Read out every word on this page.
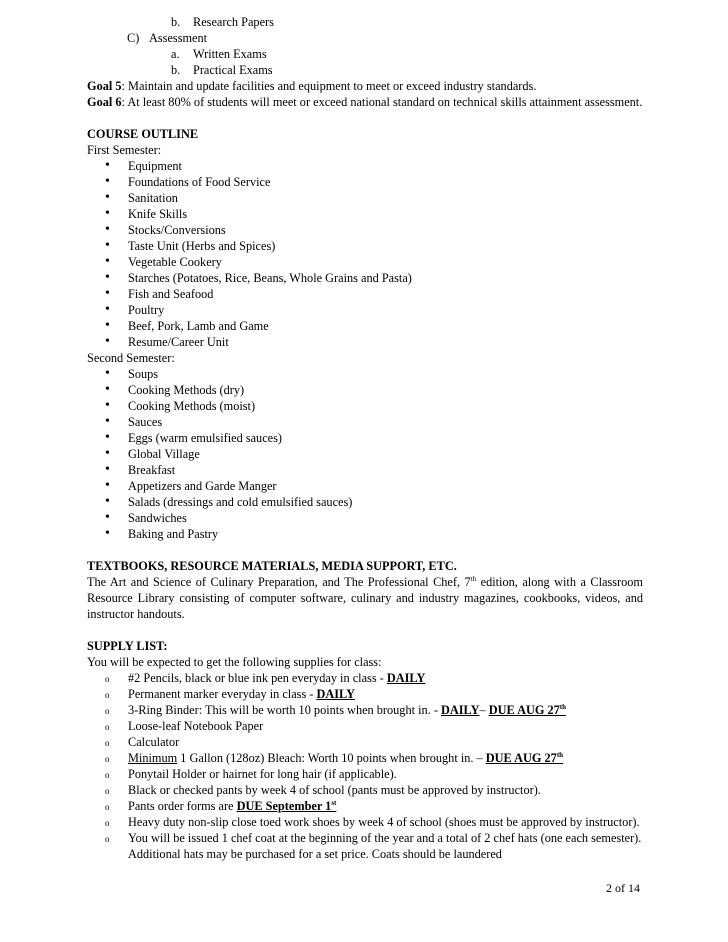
b. Research Papers
C) Assessment
a. Written Exams
b. Practical Exams
Goal 5: Maintain and update facilities and equipment to meet or exceed industry standards.
Goal 6: At least 80% of students will meet or exceed national standard on technical skills attainment assessment.
COURSE OUTLINE
First Semester:
• Equipment
• Foundations of Food Service
• Sanitation
• Knife Skills
• Stocks/Conversions
• Taste Unit (Herbs and Spices)
• Vegetable Cookery
• Starches (Potatoes, Rice, Beans, Whole Grains and Pasta)
• Fish and Seafood
• Poultry
• Beef, Pork, Lamb and Game
• Resume/Career Unit
Second Semester:
• Soups
• Cooking Methods (dry)
• Cooking Methods (moist)
• Sauces
• Eggs (warm emulsified sauces)
• Global Village
• Breakfast
• Appetizers and Garde Manger
• Salads (dressings and cold emulsified sauces)
• Sandwiches
• Baking and Pastry
TEXTBOOKS, RESOURCE MATERIALS, MEDIA SUPPORT, ETC.
The Art and Science of Culinary Preparation, and The Professional Chef, 7th edition, along with a Classroom Resource Library consisting of computer software, culinary and industry magazines, cookbooks, videos, and instructor handouts.
SUPPLY LIST:
You will be expected to get the following supplies for class:
o #2 Pencils, black or blue ink pen everyday in class - DAILY
o Permanent marker everyday in class - DAILY
o 3-Ring Binder: This will be worth 10 points when brought in. - DAILY– DUE AUG 27th
o Loose-leaf Notebook Paper
o Calculator
o Minimum 1 Gallon (128oz) Bleach: Worth 10 points when brought in. – DUE AUG 27th
o Ponytail Holder or hairnet for long hair (if applicable).
o Black or checked pants by week 4 of school (pants must be approved by instructor).
o Pants order forms are DUE September 1st
o Heavy duty non-slip close toed work shoes by week 4 of school (shoes must be approved by instructor).
o You will be issued 1 chef coat at the beginning of the year and a total of 2 chef hats (one each semester). Additional hats may be purchased for a set price. Coats should be laundered
2 of 14
